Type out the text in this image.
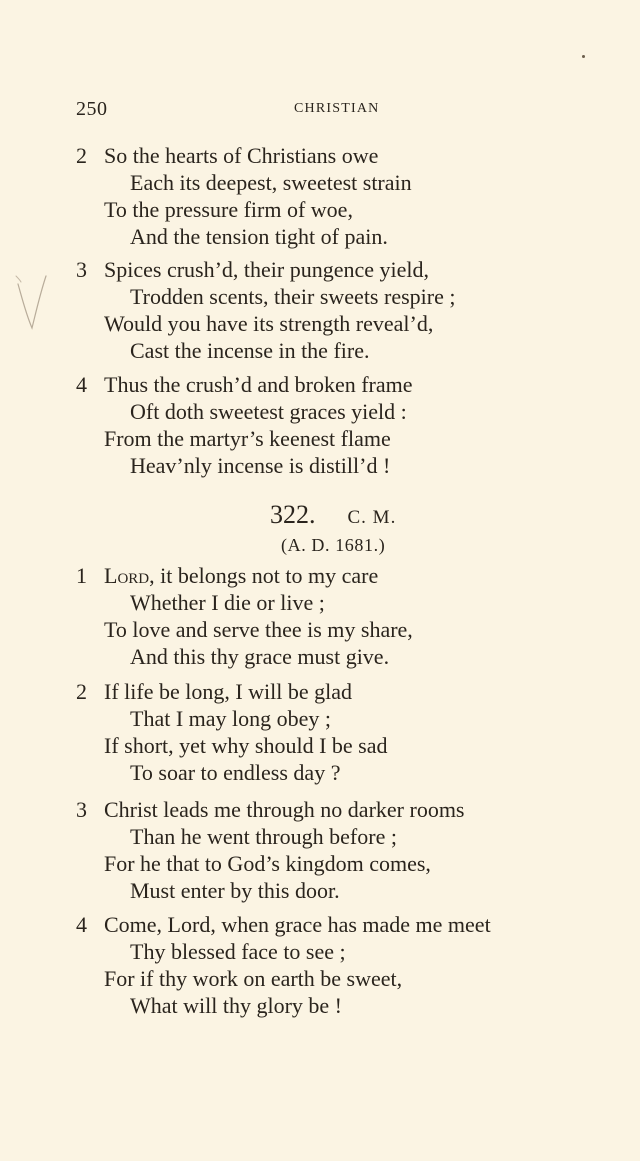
250	CHRISTIAN
2 So the hearts of Christians owe
Each its deepest, sweetest strain
To the pressure firm of woe,
And the tension tight of pain.
3 Spices crush’d, their pungence yield,
Trodden scents, their sweets respire ;
Would you have its strength reveal’d,
Cast the incense in the fire.
4 Thus the crush’d and broken frame
Oft doth sweetest graces yield :
From the martyr’s keenest flame
Heav’nly incense is distill’d !
322. C. M.
(A. D. 1681.)
1 Lord, it belongs not to my care
Whether I die or live ;
To love and serve thee is my share,
And this thy grace must give.
2 If life be long, I will be glad
That I may long obey ;
If short, yet why should I be sad
To soar to endless day ?
3 Christ leads me through no darker rooms
Than he went through before ;
For he that to God’s kingdom comes,
Must enter by this door.
4 Come, Lord, when grace has made me meet
Thy blessed face to see ;
For if thy work on earth be sweet,
What will thy glory be !
